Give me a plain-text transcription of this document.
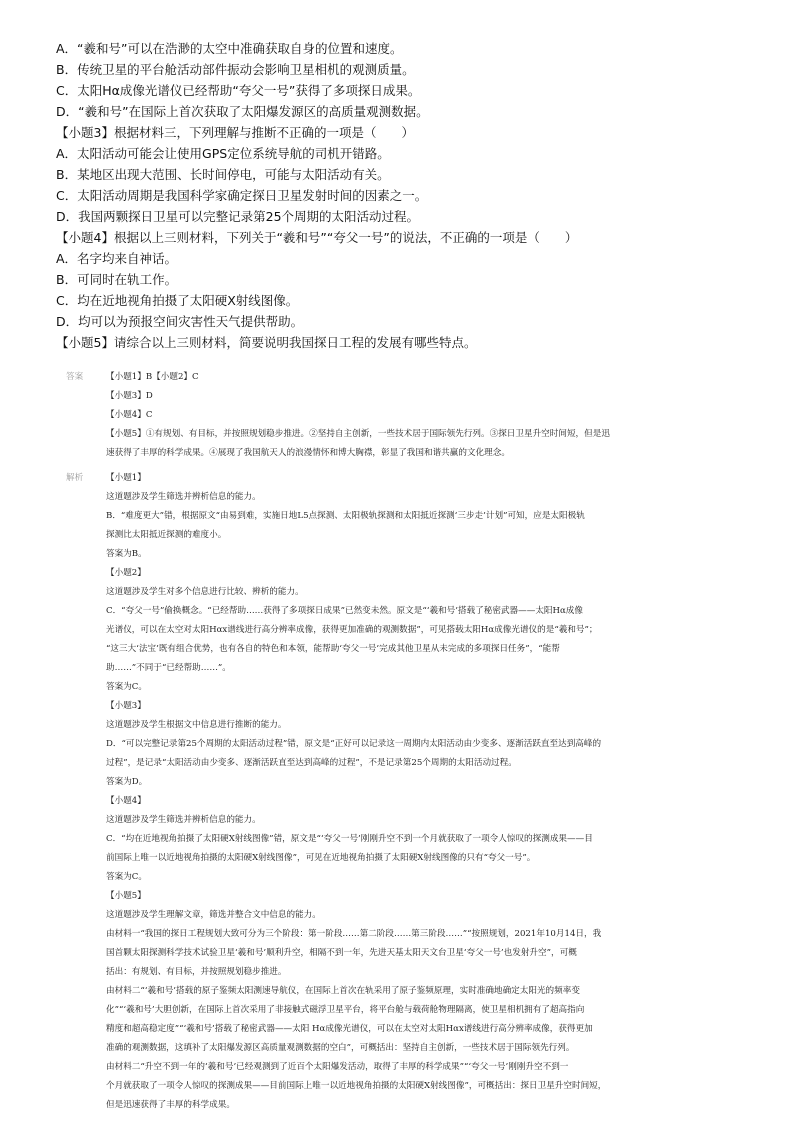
A．“羲和号”可以在浩渺的太空中准确获取自身的位置和速度。

B．传统卫星的平台舱活动部件振动会影响卫星相机的观测质量。

C．太阳Hα成像光谱仪已经帮助“夸父一号”获得了多项探日成果。

D．“羲和号”在国际上首次获取了太阳爆发源区的高质量观测数据。

【小题3】根据材料三，下列理解与推断不正确的一项是（　　）

A．太阳活动可能会让使用GPS定位系统导航的司机开错路。

B．某地区出现大范围、长时间停电，可能与太阳活动有关。

C．太阳活动周期是我国科学家确定探日卫星发射时间的因素之一。

D．我国两颗探日卫星可以完整记录第25个周期的太阳活动过程。

【小题4】根据以上三则材料，下列关于“羲和号”“夸父一号”的说法，不正确的一项是（　　）

A．名字均来自神话。

B．可同时在轨工作。

C．均在近地视角拍摄了太阳硬X射线图像。

D．均可以为预报空间灾害性天气提供帮助。

【小题5】请综合以上三则材料，简要说明我国探日工程的发展有哪些特点。

答案	【小题1】B【小题2】C

【小题3】D

【小题4】C

【小题5】①有规划、有目标，并按照规划稳步推进。②坚持自主创新，一些技术居于国际领先行列。③探日卫星升空时间短，但是迅

速获得了丰厚的科学成果。④展现了我国航天人的浪漫情怀和博大胸襟，彰显了我国和谐共赢的文化理念。

解析	【小题1】

这道题涉及学生筛选并辨析信息的能力。

B．“难度更大”错，根据原文“由易到难，实施日地L5点探测、太阳极轨探测和太阳抵近探测‘三步走’计划”可知，应是太阳极轨

探测比太阳抵近探测的难度小。

答案为B。

【小题2】

这道题涉及学生对多个信息进行比较、辨析的能力。

C．“夸父一号”偷换概念。“已经帮助……获得了多项探日成果”已然变未然。原文是“‘羲和号’搭载了秘密武器——太阳Hα成像

光谱仪，可以在太空对太阳Hαx谱线进行高分辨率成像，获得更加准确的观测数据”，可见搭载太阳Hα成像光谱仪的是“羲和号”；

“这三大‘法宝’既有组合优势，也有各自的特色和本领，能帮助‘夸父一号’完成其他卫星从未完成的多项探日任务”，“能帮

助……”不同于“已经帮助……”。

答案为C。

【小题3】

这道题涉及学生根据文中信息进行推断的能力。

D．“可以完整记录第25个周期的太阳活动过程”错，原文是“正好可以记录这一周期内太阳活动由少变多、逐渐活跃直至达到高峰的

过程”，是记录“太阳活动由少变多、逐渐活跃直至达到高峰的过程”，不是记录第25个周期的太阳活动过程。

答案为D。

【小题4】

这道题涉及学生筛选并辨析信息的能力。

C．“均在近地视角拍摄了太阳硬X射线图像”错，原文是“‘夸父一号’刚刚升空不到一个月就获取了一项令人惊叹的探测成果——目

前国际上唯一以近地视角拍摄的太阳硬X射线图像”，可见在近地视角拍摄了太阳硬X射线图像的只有“夸父一号”。

答案为C。

【小题5】

这道题涉及学生理解文章，筛选并整合文中信息的能力。

由材料一“我国的探日工程规划大致可分为三个阶段：第一阶段……第二阶段……第三阶段……”“按照规划，2021年10月14日，我

国首颗太阳探测科学技术试验卫星‘羲和号’顺利升空，相隔不到一年，先进天基太阳天文台卫星‘夸父一号’也发射升空”，可概

括出：有规划、有目标，并按照规划稳步推进。

由材料二“‘羲和号’搭载的原子鉴频太阳测速导航仪，在国际上首次在轨采用了原子鉴频原理，实时准确地确定太阳光的频率变

化”“‘羲和号’大胆创新，在国际上首次采用了非接触式磁浮卫星平台，将平台舱与载荷舱物理隔离，使卫星相机拥有了超高指向

精度和超高稳定度”“‘羲和号’搭载了秘密武器——太阳 Hα成像光谱仪，可以在太空对太阳Hαx谱线进行高分辨率成像，获得更加

准确的观测数据，这填补了太阳爆发源区高质量观测数据的空白”，可概括出：坚持自主创新，一些技术居于国际领先行列。

由材料二“升空不到一年的‘羲和号’已经观测到了近百个太阳爆发活动，取得了丰厚的科学成果”“‘夸父一号’刚刚升空不到一

个月就获取了一项令人惊叹的探测成果——目前国际上唯一以近地视角拍摄的太阳硬X射线图像”，可概括出：探日卫星升空时间短，

但是迅速获得了丰厚的科学成果。
